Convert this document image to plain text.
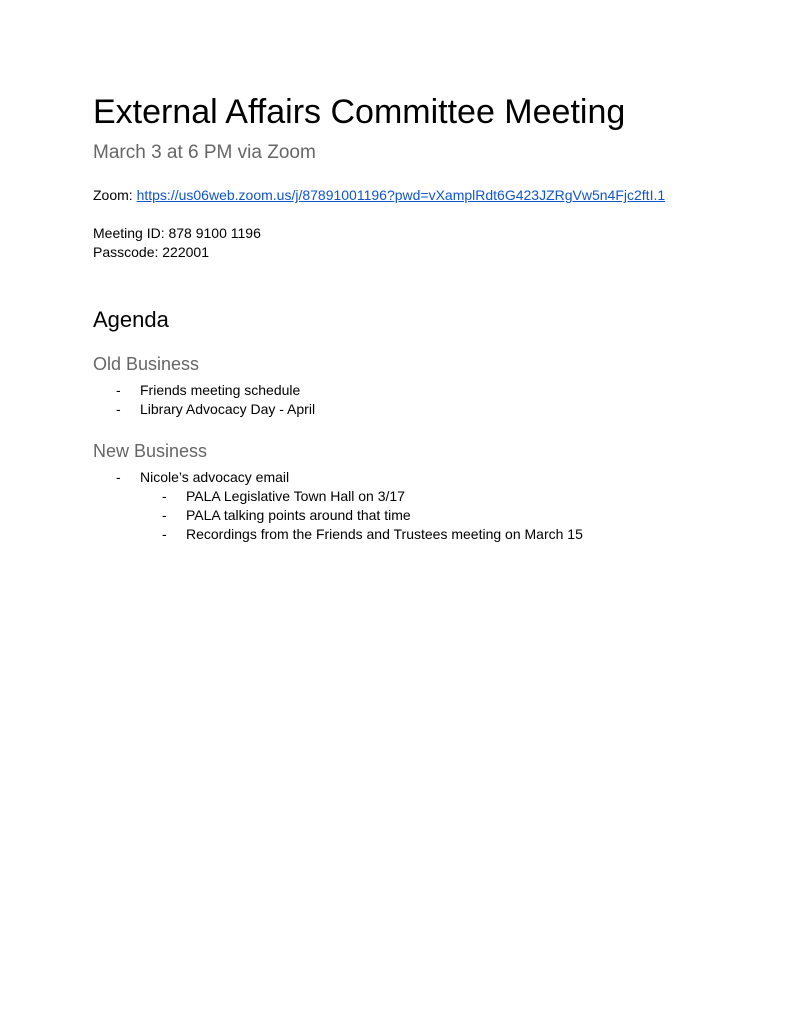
External Affairs Committee Meeting
March 3 at 6 PM via Zoom
Zoom: https://us06web.zoom.us/j/87891001196?pwd=vXamplRdt6G423JZRgVw5n4Fjc2ftI.1
Meeting ID: 878 9100 1196
Passcode: 222001
Agenda
Old Business
- Friends meeting schedule
- Library Advocacy Day - April
New Business
- Nicole’s advocacy email
- PALA Legislative Town Hall on 3/17
- PALA talking points around that time
- Recordings from the Friends and Trustees meeting on March 15
